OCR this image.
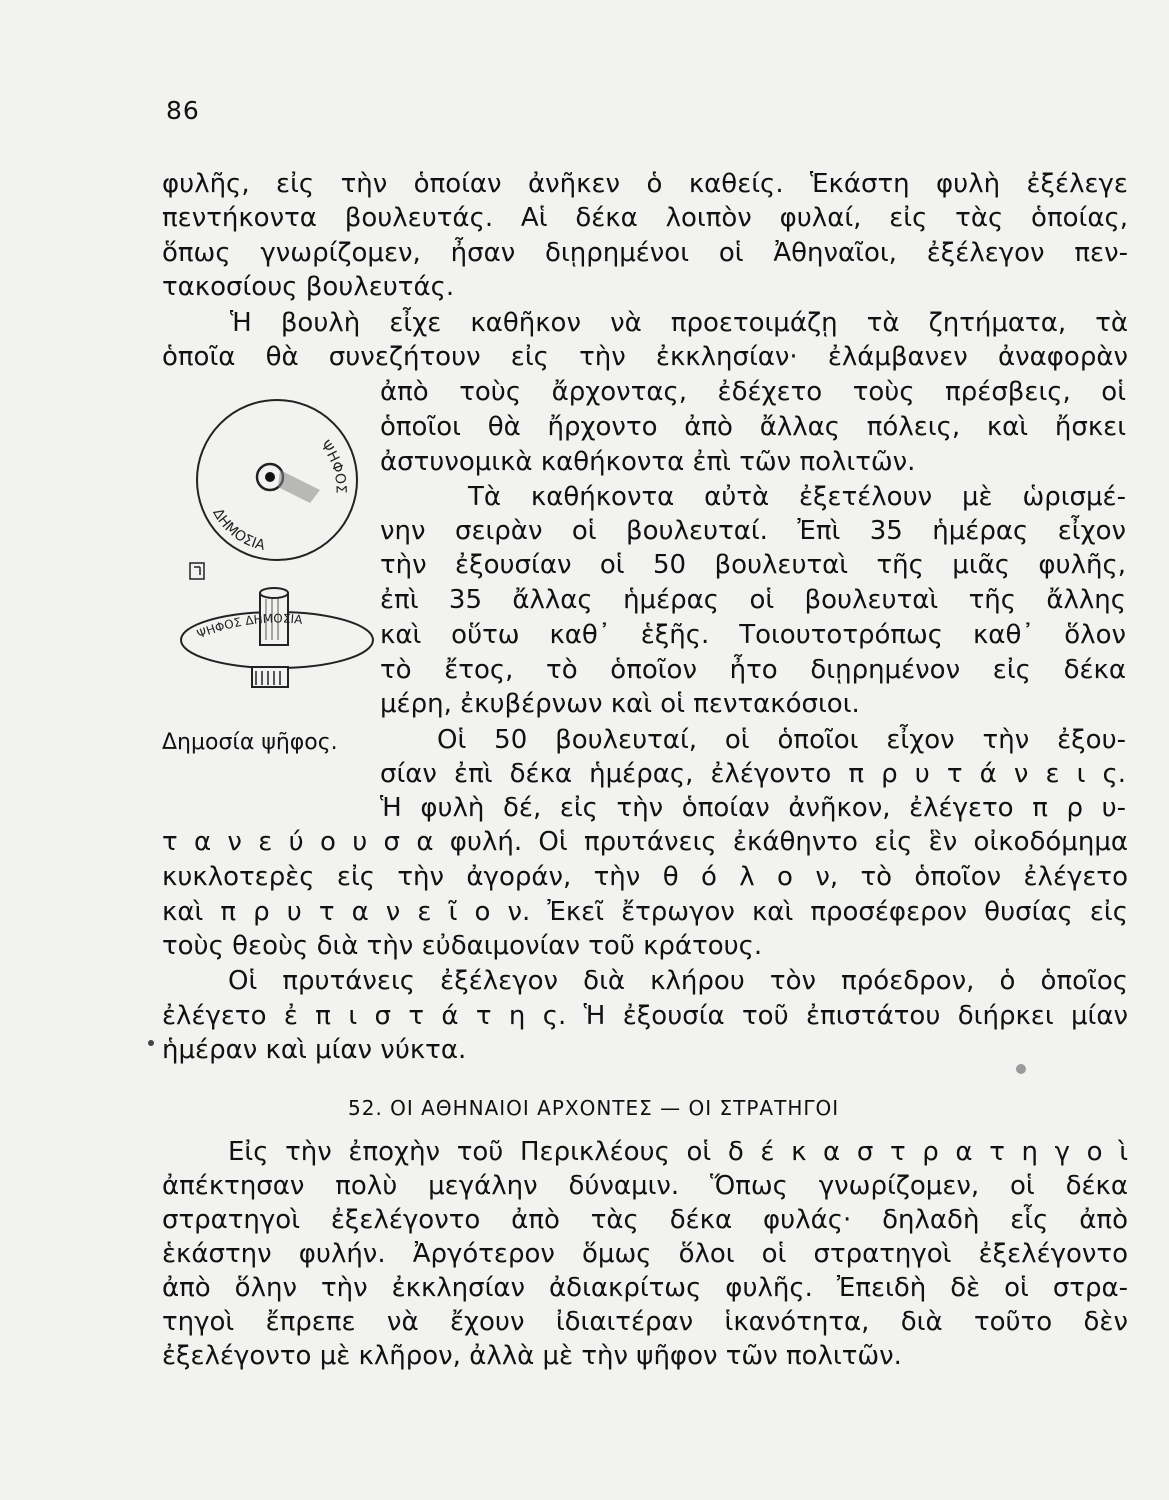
86
φυλῆς, εἰς τὴν ὁποίαν ἀνῆκεν ὁ καθείς. Ἑκάστη φυλὴ ἐξέλεγε
πεντήκοντα βουλευτάς. Αἱ δέκα λοιπὸν φυλαί, εἰς τὰς ὁποίας,
ὅπως γνωρίζομεν, ἦσαν διῃρημένοι οἱ Ἀθηναῖοι, ἐξέλεγον πεν-
τακοσίους βουλευτάς.
Ἡ βουλὴ εἶχε καθῆκον νὰ προετοιμάζῃ τὰ ζητήματα, τὰ
ὁποῖα θὰ συνεζήτουν εἰς τὴν ἐκκλησίαν· ἐλάμβανεν ἀναφορὰν
ἀπὸ τοὺς ἄρχοντας, ἐδέχετο τοὺς πρέσβεις, οἱ
ὁποῖοι θὰ ἤρχοντο ἀπὸ ἄλλας πόλεις, καὶ ἤσκει
ἀστυνομικὰ καθήκοντα ἐπὶ τῶν πολιτῶν.
Τὰ καθήκοντα αὐτὰ ἐξετέλουν μὲ ὡρισμέ-
νην σειρὰν οἱ βουλευταί. Ἐπὶ 35 ἡμέρας εἶχον
τὴν ἐξουσίαν οἱ 50 βουλευταὶ τῆς μιᾶς φυλῆς,
ἐπὶ 35 ἄλλας ἡμέρας οἱ βουλευταὶ τῆς ἄλλης
καὶ οὕτω καθ᾽ ἑξῆς. Τοιουτοτρόπως καθ᾽ ὅλον
τὸ ἔτος, τὸ ὁποῖον ἦτο διῃρημένον εἰς δέκα
μέρη, ἐκυβέρνων καὶ οἱ πεντακόσιοι.
ΔΗΜΟΣΙΑ
ΨΗΦΟΣ
ΨΗΦΟΣ ΔΗΜΟΣΙΑ
Δημοσία ψῆφος.	Οἱ 50 βουλευταί, οἱ ὁποῖοι εἶχον τὴν ἐξου-
σίαν ἐπὶ δέκα ἡμέρας, ἐλέγοντο π ρ υ τ ά ν ε ι ς.
Ἡ φυλὴ δέ, εἰς τὴν ὁποίαν ἀνῆκον, ἐλέγετο π ρ υ-
τ α ν ε ύ ο υ σ α φυλή. Οἱ πρυτάνεις ἐκάθηντο εἰς ἓν οἰκοδόμημα
κυκλοτερὲς εἰς τὴν ἀγοράν, τὴν θ ό λ ο ν, τὸ ὁποῖον ἐλέγετο
καὶ π ρ υ τ α ν ε ῖ ο ν. Ἐκεῖ ἔτρωγον καὶ προσέφερον θυσίας εἰς
τοὺς θεοὺς διὰ τὴν εὐδαιμονίαν τοῦ κράτους.
Οἱ πρυτάνεις ἐξέλεγον διὰ κλήρου τὸν πρόεδρον, ὁ ὁποῖος
ἐλέγετο ἐ π ι σ τ ά τ η ς. Ἡ ἐξουσία τοῦ ἐπιστάτου διήρκει μίαν
ἡμέραν καὶ μίαν νύκτα.
52. ΟΙ ΑΘΗΝΑΙΟΙ ΑΡΧΟΝΤΕΣ — ΟΙ ΣΤΡΑΤΗΓΟΙ
Εἰς τὴν ἐποχὴν τοῦ Περικλέους οἱ δ έ κ α σ τ ρ α τ η γ ο ὶ
ἀπέκτησαν πολὺ μεγάλην δύναμιν. Ὅπως γνωρίζομεν, οἱ δέκα
στρατηγοὶ ἐξελέγοντο ἀπὸ τὰς δέκα φυλάς· δηλαδὴ εἷς ἀπὸ
ἑκάστην φυλήν. Ἀργότερον ὅμως ὅλοι οἱ στρατηγοὶ ἐξελέγοντο
ἀπὸ ὅλην τὴν ἐκκλησίαν ἀδιακρίτως φυλῆς. Ἐπειδὴ δὲ οἱ στρα-
τηγοὶ ἔπρεπε νὰ ἔχουν ἰδιαιτέραν ἱκανότητα, διὰ τοῦτο δὲν
ἐξελέγοντο μὲ κλῆρον, ἀλλὰ μὲ τὴν ψῆφον τῶν πολιτῶν.
